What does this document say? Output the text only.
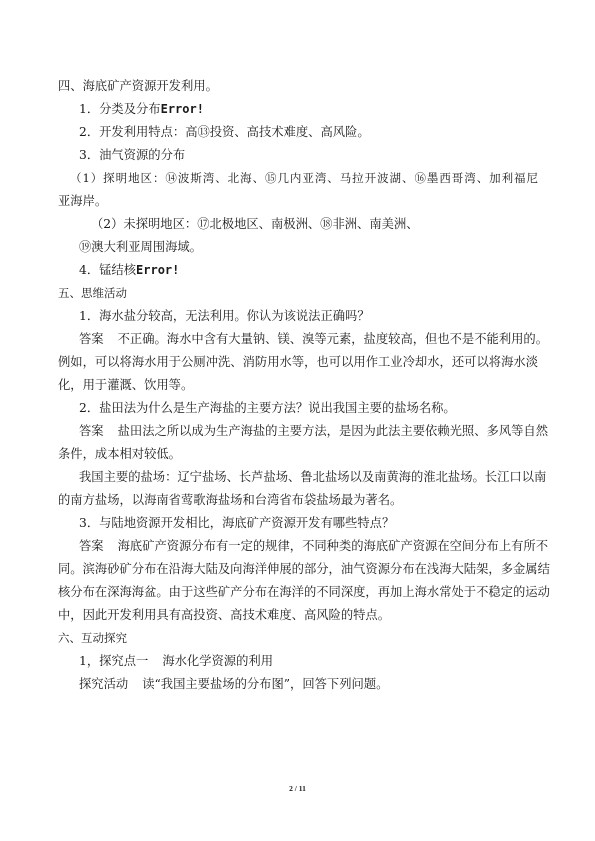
四、海底矿产资源开发利用。
1．分类及分布Error!
2．开发利用特点：高⑬投资、高技术难度、高风险。
3．油气资源的分布
（1）探明地区：⑭波斯湾、北海、⑮几内亚湾、马拉开波湖、⑯墨西哥湾、加利福尼
亚海岸。
（2）未探明地区：⑰北极地区、南极洲、⑱非洲、南美洲、
⑲澳大利亚周围海域。
4．锰结核Error!
五、思维活动
1．海水盐分较高，无法利用。你认为该说法正确吗？
答案 不正确。海水中含有大量钠、镁、溴等元素，盐度较高，但也不是不能利用的。
例如，可以将海水用于公厕冲洗、消防用水等，也可以用作工业冷却水，还可以将海水淡
化，用于灌溉、饮用等。
2．盐田法为什么是生产海盐的主要方法？说出我国主要的盐场名称。
答案 盐田法之所以成为生产海盐的主要方法，是因为此法主要依赖光照、多风等自然
条件，成本相对较低。
我国主要的盐场：辽宁盐场、长芦盐场、鲁北盐场以及南黄海的淮北盐场。长江口以南
的南方盐场，以海南省莺歌海盐场和台湾省布袋盐场最为著名。
3．与陆地资源开发相比，海底矿产资源开发有哪些特点？
答案 海底矿产资源分布有一定的规律，不同种类的海底矿产资源在空间分布上有所不
同。滨海砂矿分布在沿海大陆及向海洋伸展的部分，油气资源分布在浅海大陆架，多金属结
核分布在深海海盆。由于这些矿产分布在海洋的不同深度，再加上海水常处于不稳定的运动
中，因此开发利用具有高投资、高技术难度、高风险的特点。
六、互动探究
1，探究点一 海水化学资源的利用
探究活动 读“我国主要盐场的分布图”，回答下列问题。
2 / 11
